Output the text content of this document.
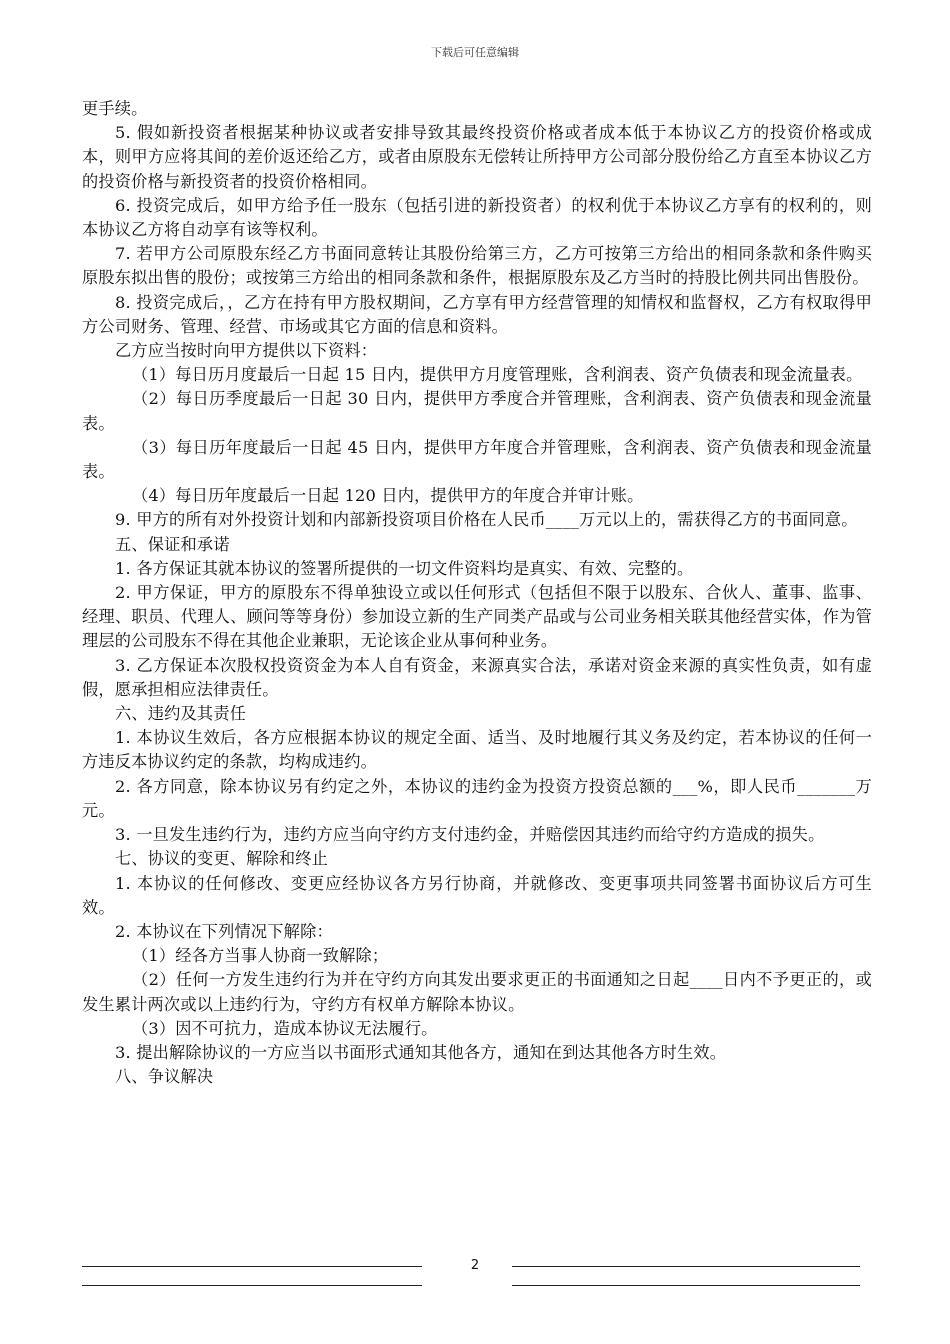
下载后可任意编辑

更手续。

5. 假如新投资者根据某种协议或者安排导致其最终投资价格或者成本低于本协议乙方的投资价格或成本，则甲方应将其间的差价返还给乙方，或者由原股东无偿转让所持甲方公司部分股份给乙方直至本协议乙方的投资价格与新投资者的投资价格相同。

6. 投资完成后，如甲方给予任一股东（包括引进的新投资者）的权利优于本协议乙方享有的权利的，则本协议乙方将自动享有该等权利。

7. 若甲方公司原股东经乙方书面同意转让其股份给第三方，乙方可按第三方给出的相同条款和条件购买原股东拟出售的股份；或按第三方给出的相同条款和条件，根据原股东及乙方当时的持股比例共同出售股份。

8. 投资完成后，，乙方在持有甲方股权期间，乙方享有甲方经营管理的知情权和监督权，乙方有权取得甲方公司财务、管理、经营、市场或其它方面的信息和资料。

乙方应当按时向甲方提供以下资料：

（1）每日历月度最后一日起 15 日内，提供甲方月度管理账，含利润表、资产负债表和现金流量表。

（2）每日历季度最后一日起 30 日内，提供甲方季度合并管理账，含利润表、资产负债表和现金流量表。

（3）每日历年度最后一日起 45 日内，提供甲方年度合并管理账，含利润表、资产负债表和现金流量表。

（4）每日历年度最后一日起 120 日内，提供甲方的年度合并审计账。

9. 甲方的所有对外投资计划和内部新投资项目价格在人民币____万元以上的，需获得乙方的书面同意。

五、保证和承诺

1. 各方保证其就本协议的签署所提供的一切文件资料均是真实、有效、完整的。

2. 甲方保证，甲方的原股东不得单独设立或以任何形式（包括但不限于以股东、合伙人、董事、监事、经理、职员、代理人、顾问等等身份）参加设立新的生产同类产品或与公司业务相关联其他经营实体，作为管理层的公司股东不得在其他企业兼职，无论该企业从事何种业务。

3. 乙方保证本次股权投资资金为本人自有资金，来源真实合法，承诺对资金来源的真实性负责，如有虚假，愿承担相应法律责任。

六、违约及其责任

1. 本协议生效后，各方应根据本协议的规定全面、适当、及时地履行其义务及约定，若本协议的任何一方违反本协议约定的条款，均构成违约。

2. 各方同意，除本协议另有约定之外，本协议的违约金为投资方投资总额的___%，即人民币_______万元。

3. 一旦发生违约行为，违约方应当向守约方支付违约金，并赔偿因其违约而给守约方造成的损失。

七、协议的变更、解除和终止

1. 本协议的任何修改、变更应经协议各方另行协商，并就修改、变更事项共同签署书面协议后方可生效。

2. 本协议在下列情况下解除：

（1）经各方当事人协商一致解除；

（2）任何一方发生违约行为并在守约方向其发出要求更正的书面通知之日起____日内不予更正的，或发生累计两次或以上违约行为，守约方有权单方解除本协议。

（3）因不可抗力，造成本协议无法履行。

3. 提出解除协议的一方应当以书面形式通知其他各方，通知在到达其他各方时生效。

八、争议解决

2
